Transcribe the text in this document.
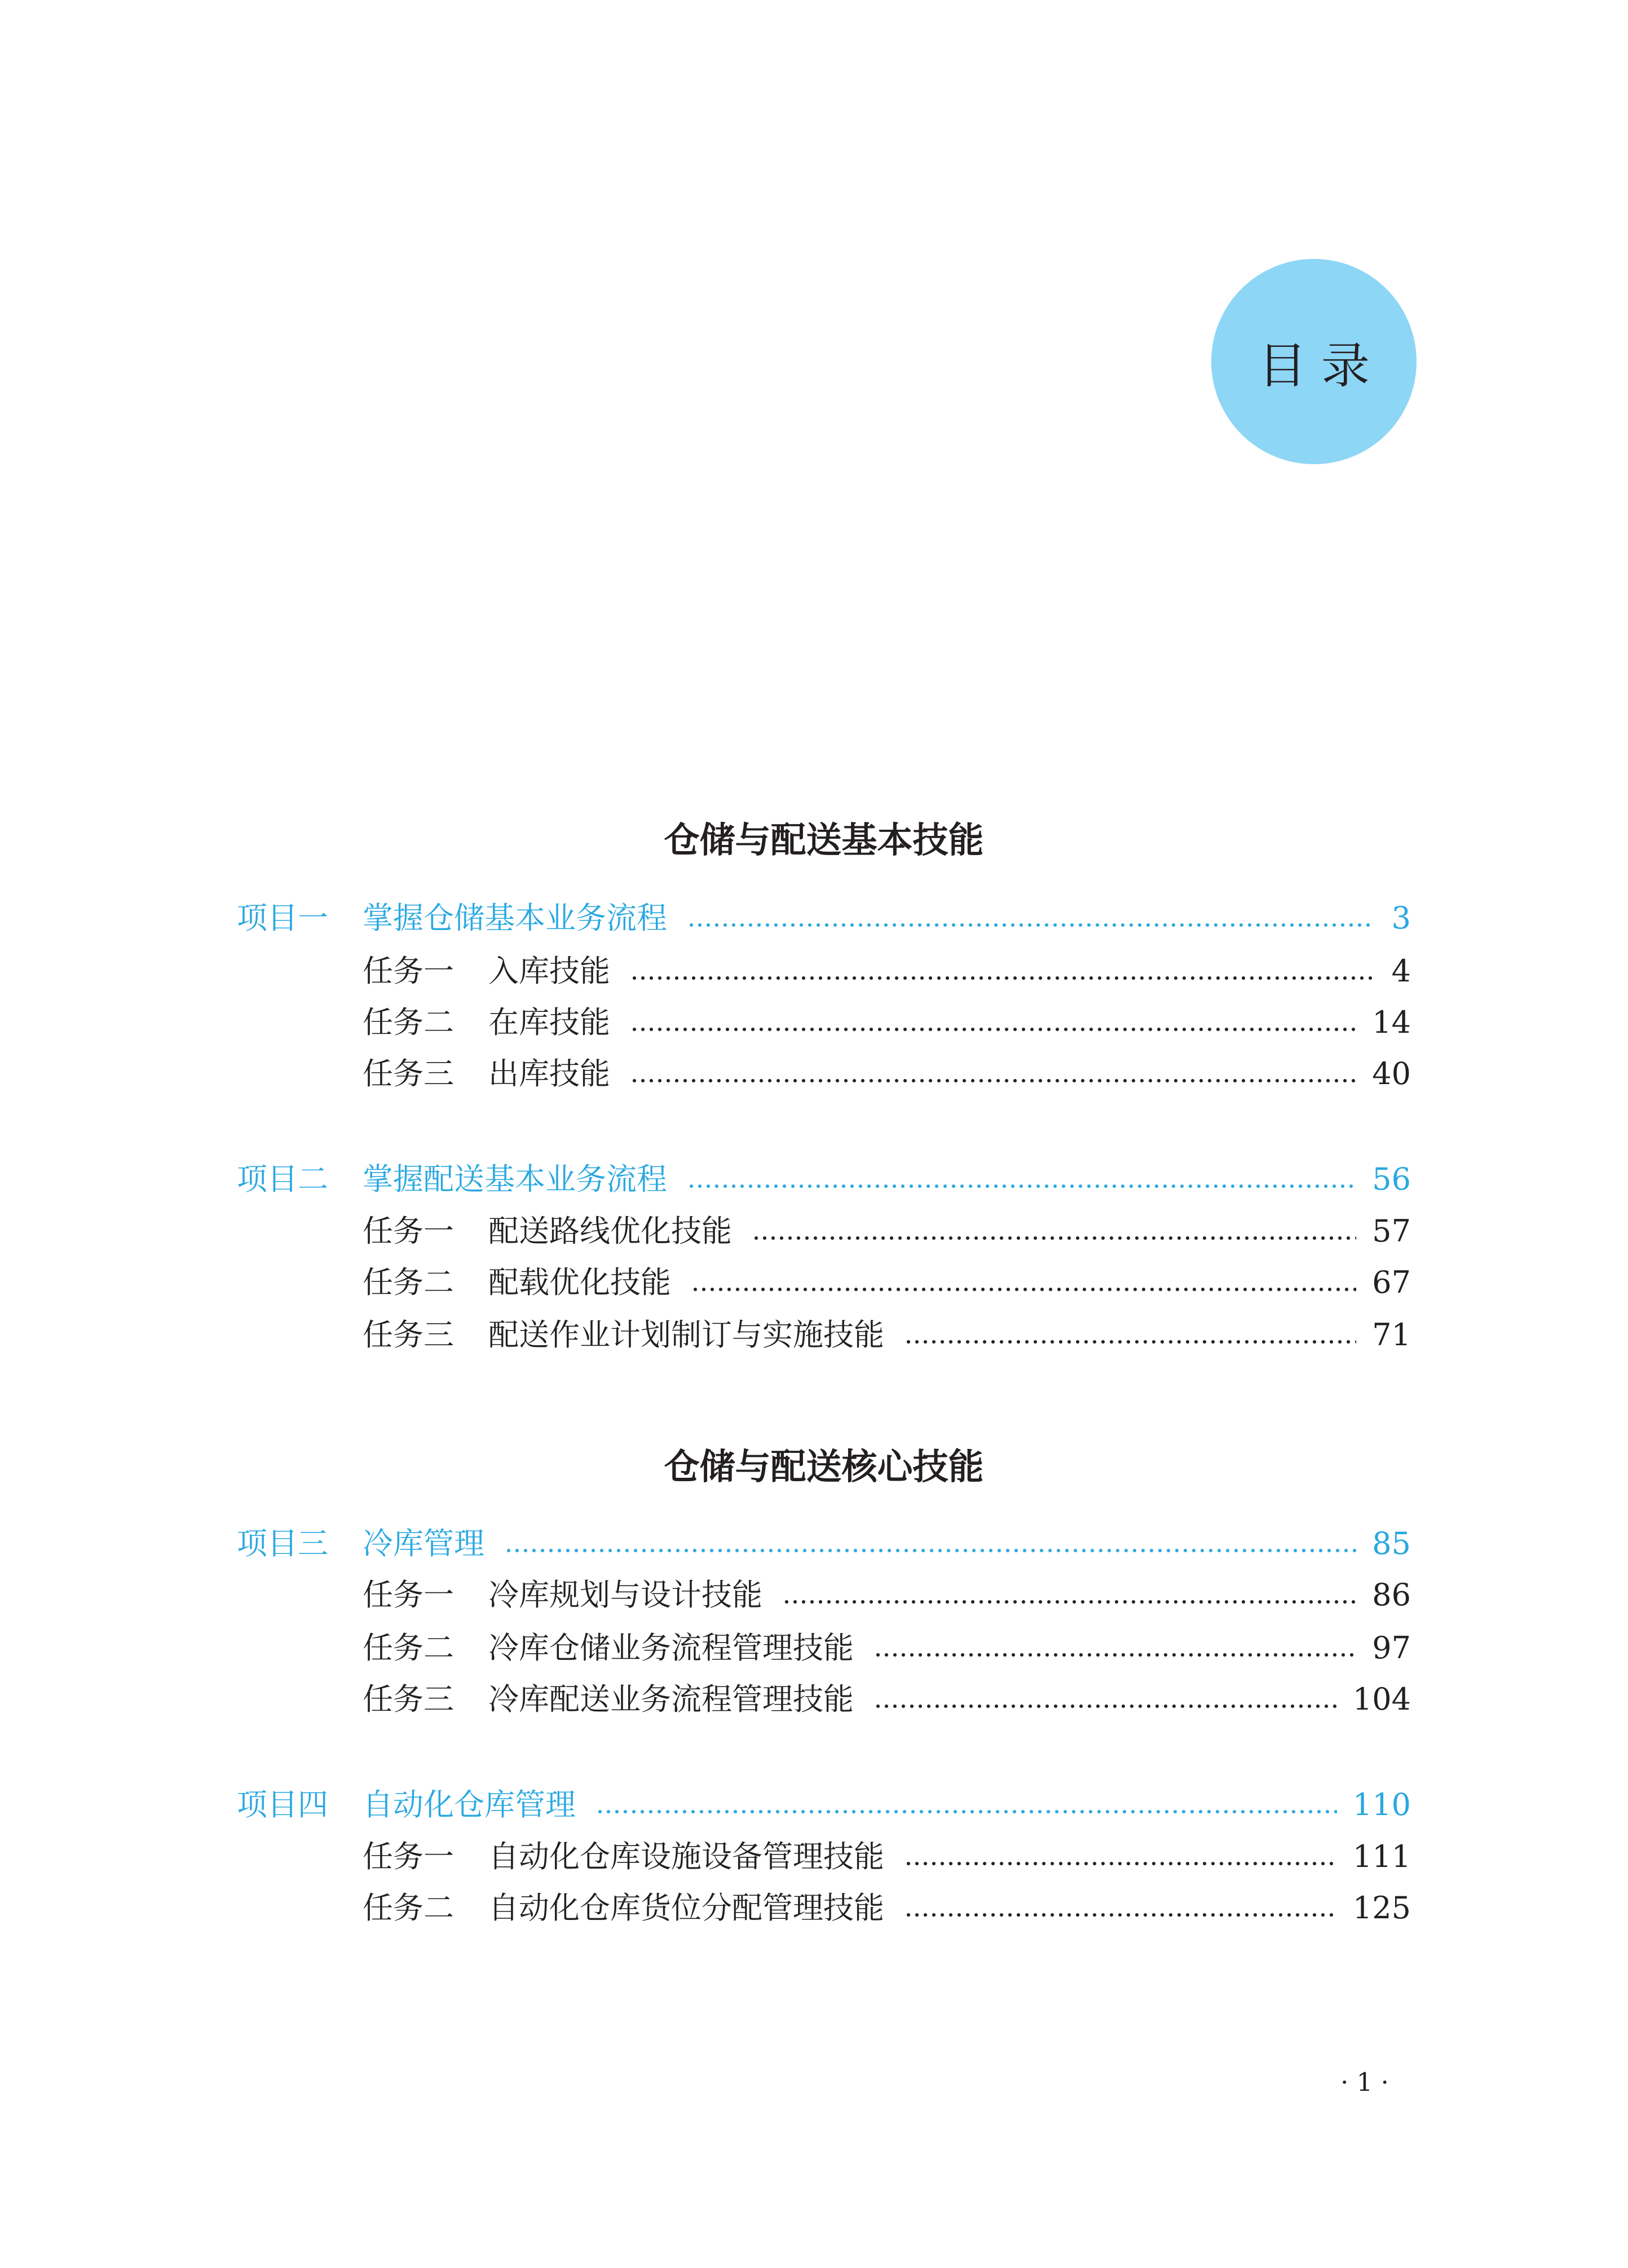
目录
仓储与配送基本技能
项目一	掌握仓储基本业务流程	3
任务一	入库技能	4
任务二	在库技能	14
任务三	出库技能	40
项目二	掌握配送基本业务流程	56
任务一	配送路线优化技能	57
任务二	配载优化技能	67
任务三	配送作业计划制订与实施技能	71
仓储与配送核心技能
项目三	冷库管理	85
任务一	冷库规划与设计技能	86
任务二	冷库仓储业务流程管理技能	97
任务三	冷库配送业务流程管理技能	104
项目四	自动化仓库管理	110
任务一	自动化仓库设施设备管理技能	111
任务二	自动化仓库货位分配管理技能	125
· 1 ·
